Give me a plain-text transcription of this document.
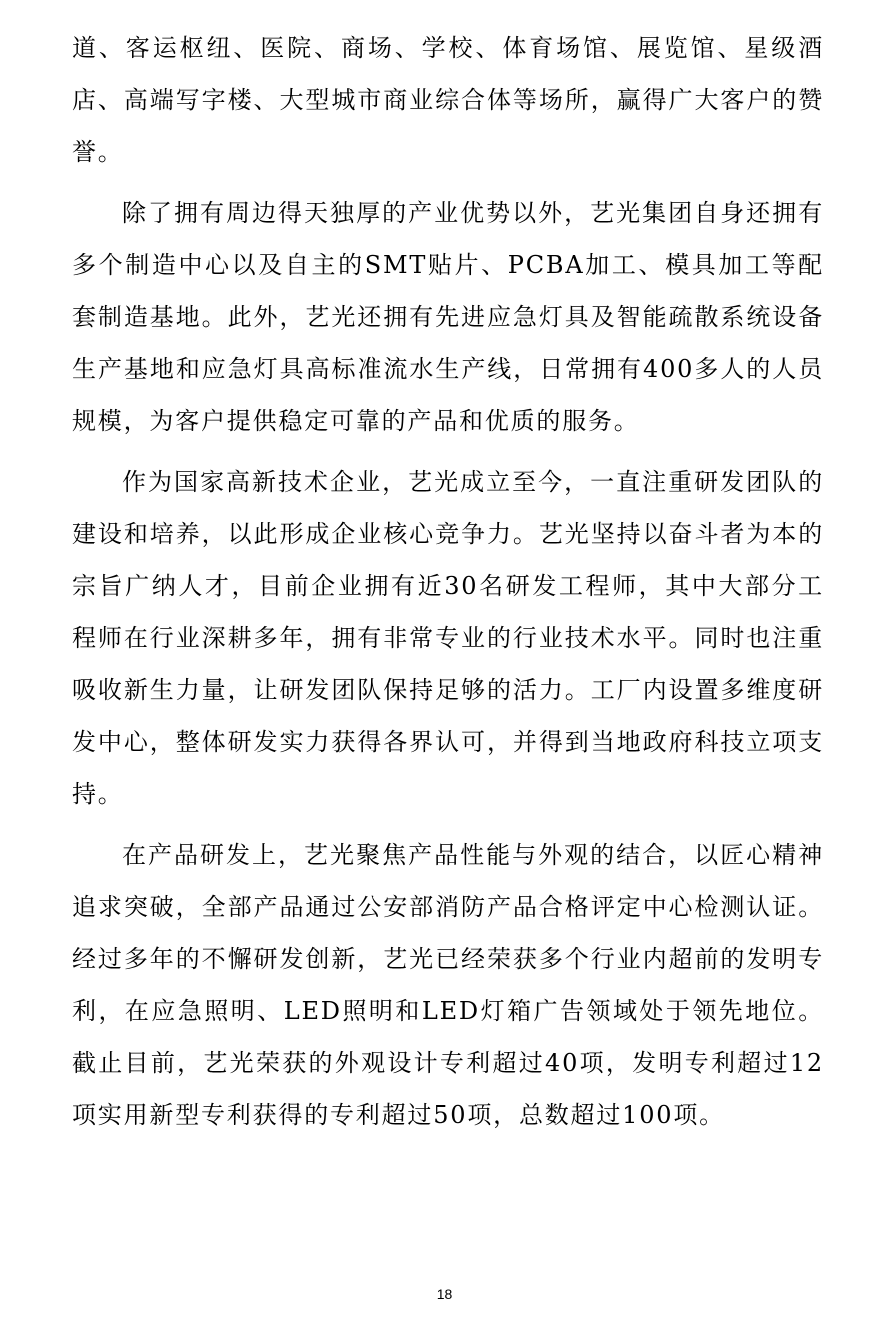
道、客运枢纽、医院、商场、学校、体育场馆、展览馆、星级酒店、高端写字楼、大型城市商业综合体等场所，赢得广大客户的赞誉。

除了拥有周边得天独厚的产业优势以外，艺光集团自身还拥有多个制造中心以及自主的SMT贴片、PCBA加工、模具加工等配套制造基地。此外，艺光还拥有先进应急灯具及智能疏散系统设备生产基地和应急灯具高标准流水生产线，日常拥有400多人的人员规模，为客户提供稳定可靠的产品和优质的服务。

作为国家高新技术企业，艺光成立至今，一直注重研发团队的建设和培养，以此形成企业核心竞争力。艺光坚持以奋斗者为本的宗旨广纳人才，目前企业拥有近30名研发工程师，其中大部分工程师在行业深耕多年，拥有非常专业的行业技术水平。同时也注重吸收新生力量，让研发团队保持足够的活力。工厂内设置多维度研发中心，整体研发实力获得各界认可，并得到当地政府科技立项支持。

在产品研发上，艺光聚焦产品性能与外观的结合，以匠心精神追求突破，全部产品通过公安部消防产品合格评定中心检测认证。经过多年的不懈研发创新，艺光已经荣获多个行业内超前的发明专利，在应急照明、LED照明和LED灯箱广告领域处于领先地位。截止目前，艺光荣获的外观设计专利超过40项，发明专利超过12项实用新型专利获得的专利超过50项，总数超过100项。

18
